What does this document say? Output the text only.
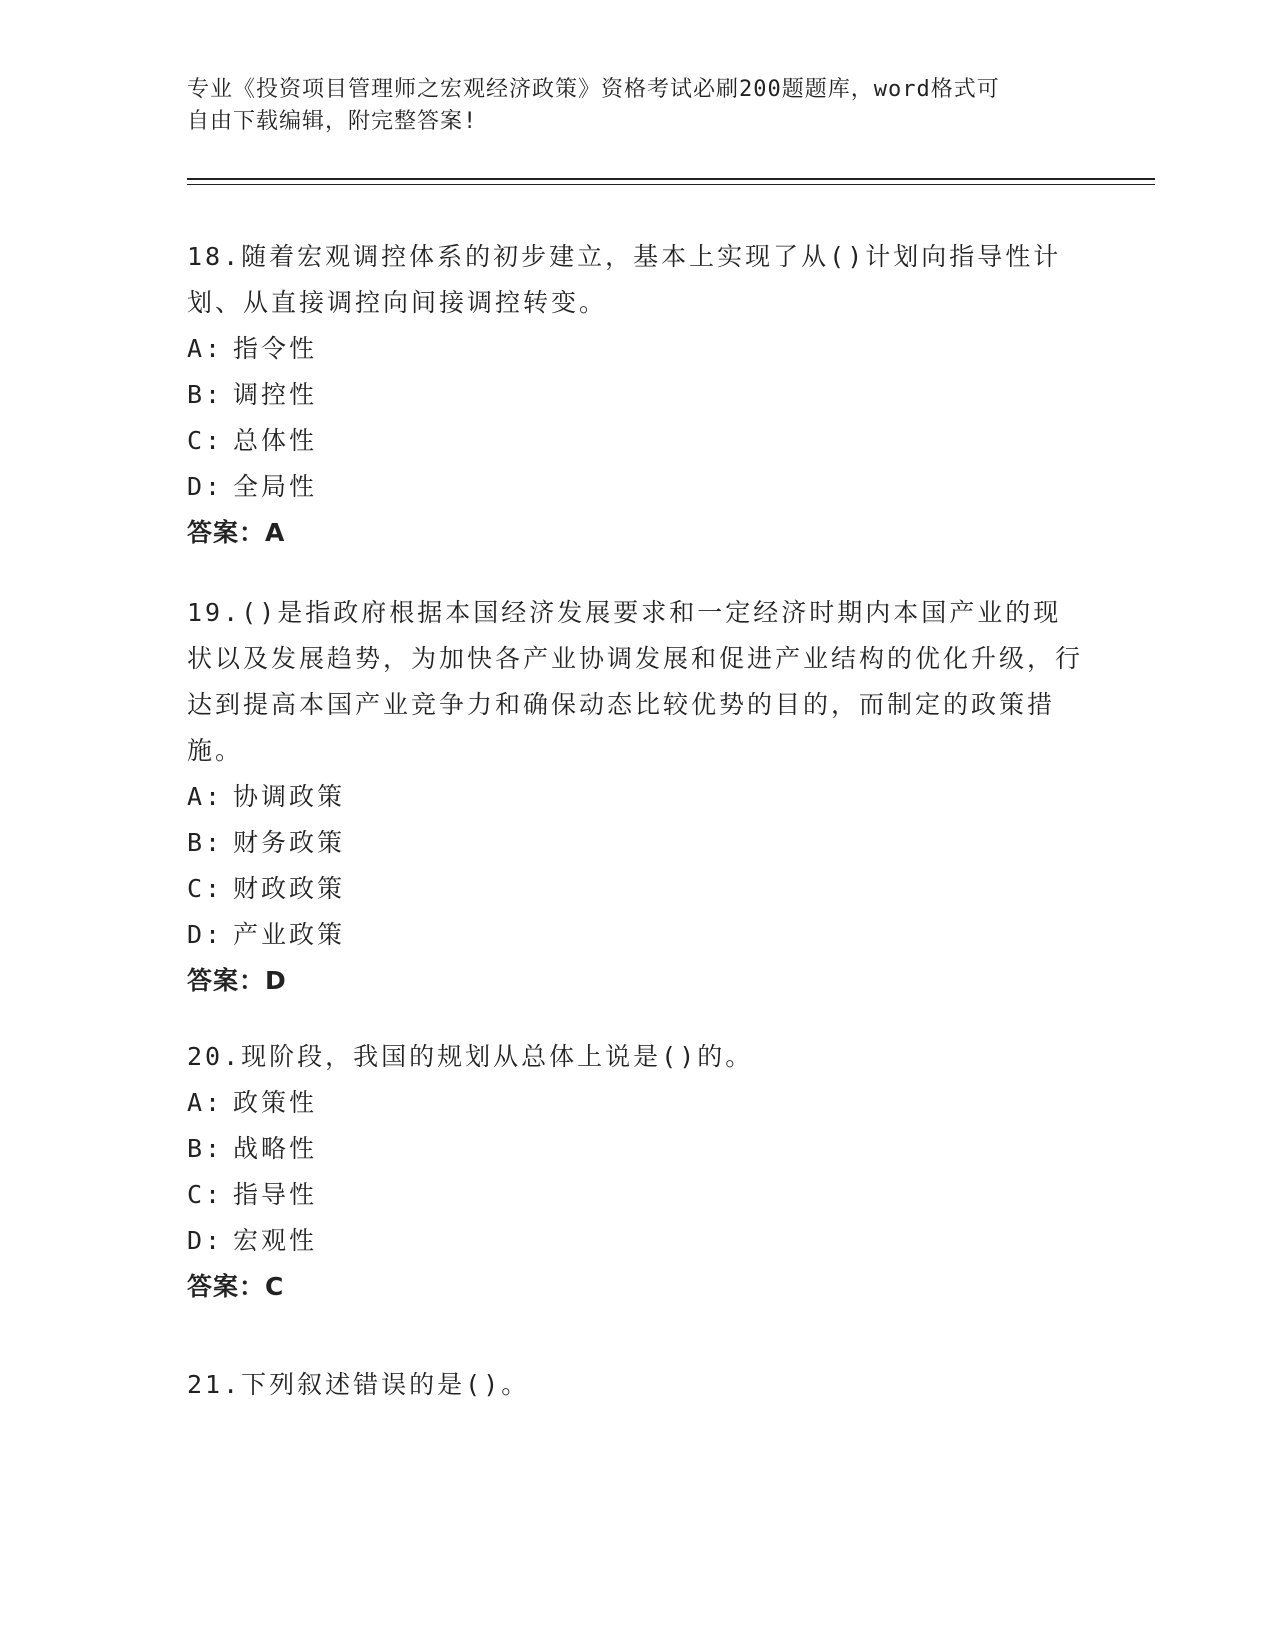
专业《投资项目管理师之宏观经济政策》资格考试必刷200题题库，word格式可
自由下载编辑，附完整答案!
18.随着宏观调控体系的初步建立，基本上实现了从()计划向指导性计划、从直接调控向间接调控转变。
A: 指令性
B: 调控性
C: 总体性
D: 全局性
答案：A
19.()是指政府根据本国经济发展要求和一定经济时期内本国产业的现状以及发展趋势，为加快各产业协调发展和促进产业结构的优化升级，行达到提高本国产业竞争力和确保动态比较优势的目的，而制定的政策措施。
A: 协调政策
B: 财务政策
C: 财政政策
D: 产业政策
答案：D
20.现阶段，我国的规划从总体上说是()的。
A: 政策性
B: 战略性
C: 指导性
D: 宏观性
答案：C
21.下列叙述错误的是()。
